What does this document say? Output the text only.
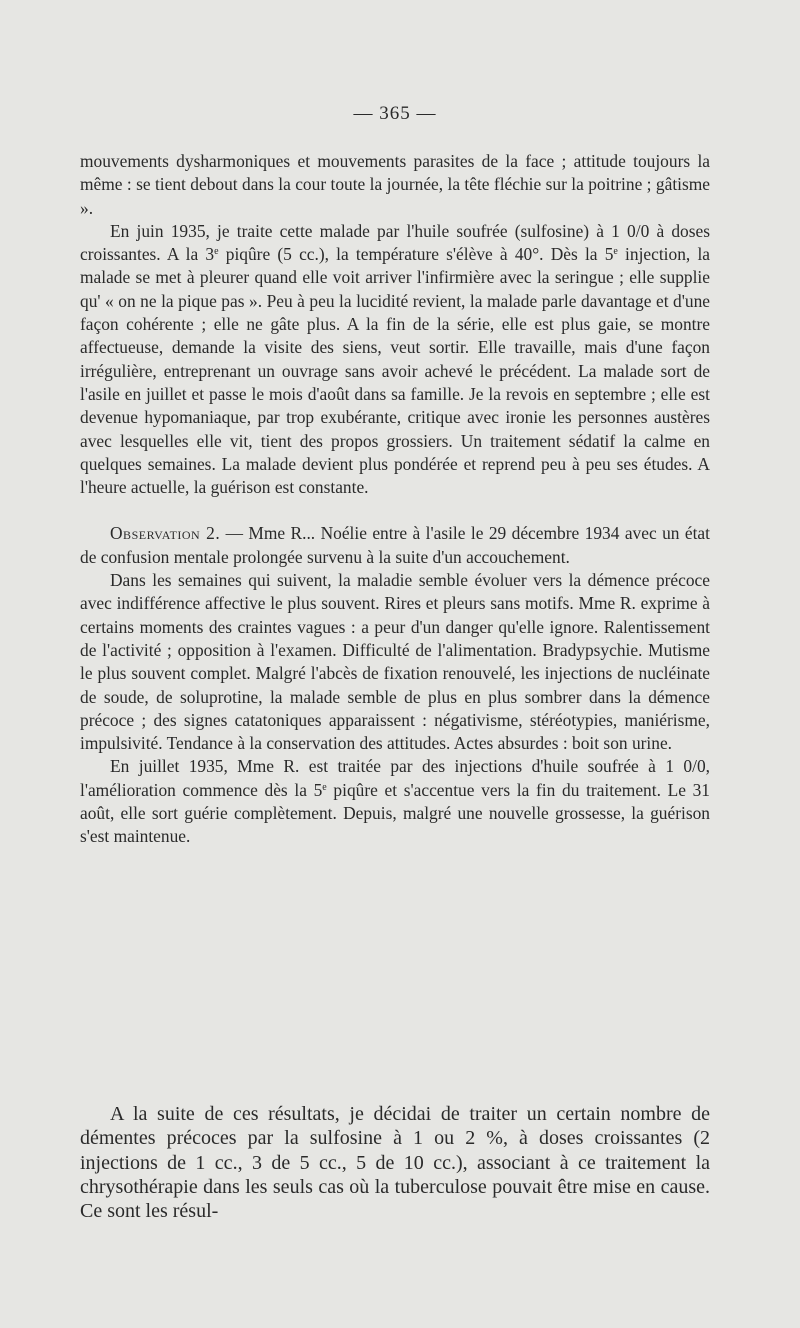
— 365 —

mouvements dysharmoniques et mouvements parasites de la face ; attitude toujours la même : se tient debout dans la cour toute la journée, la tête fléchie sur la poitrine ; gâtisme ».

En juin 1935, je traite cette malade par l'huile soufrée (sulfosine) à 1 0/0 à doses croissantes. A la 3e piqûre (5 cc.), la température s'élève à 40°. Dès la 5e injection, la malade se met à pleurer quand elle voit arriver l'infirmière avec la seringue ; elle supplie qu' « on ne la pique pas ». Peu à peu la lucidité revient, la malade parle davantage et d'une façon cohérente ; elle ne gâte plus. A la fin de la série, elle est plus gaie, se montre affectueuse, demande la visite des siens, veut sortir. Elle travaille, mais d'une façon irrégulière, entreprenant un ouvrage sans avoir achevé le précédent. La malade sort de l'asile en juillet et passe le mois d'août dans sa famille. Je la revois en septembre ; elle est devenue hypomaniaque, par trop exubérante, critique avec ironie les personnes austères avec lesquelles elle vit, tient des propos grossiers. Un traitement sédatif la calme en quelques semaines. La malade devient plus pondérée et reprend peu à peu ses études. A l'heure actuelle, la guérison est constante.

Observation 2. — Mme R... Noélie entre à l'asile le 29 décembre 1934 avec un état de confusion mentale prolongée survenu à la suite d'un accouchement.

Dans les semaines qui suivent, la maladie semble évoluer vers la démence précoce avec indifférence affective le plus souvent. Rires et pleurs sans motifs. Mme R. exprime à certains moments des craintes vagues : a peur d'un danger qu'elle ignore. Ralentissement de l'activité ; opposition à l'examen. Difficulté de l'alimentation. Bradypsychie. Mutisme le plus souvent complet. Malgré l'abcès de fixation renouvelé, les injections de nucléinate de soude, de soluprotine, la malade semble de plus en plus sombrer dans la démence précoce ; des signes catatoniques apparaissent : négativisme, stéréotypies, maniérisme, impulsivité. Tendance à la conservation des attitudes. Actes absurdes : boit son urine.

En juillet 1935, Mme R. est traitée par des injections d'huile soufrée à 1 0/0, l'amélioration commence dès la 5e piqûre et s'accentue vers la fin du traitement. Le 31 août, elle sort guérie complètement. Depuis, malgré une nouvelle grossesse, la guérison s'est maintenue.

A la suite de ces résultats, je décidai de traiter un certain nombre de démentes précoces par la sulfosine à 1 ou 2 %, à doses croissantes (2 injections de 1 cc., 3 de 5 cc., 5 de 10 cc.), associant à ce traitement la chrysothérapie dans les seuls cas où la tuberculose pouvait être mise en cause. Ce sont les résul-
